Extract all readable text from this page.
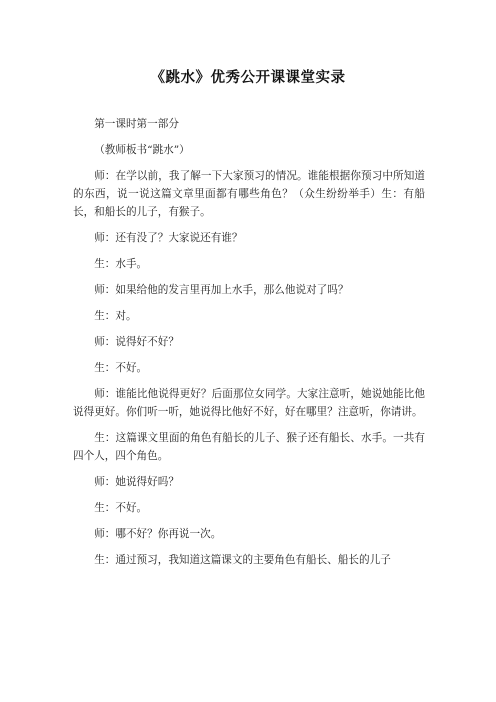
《跳水》优秀公开课课堂实录

第一课时第一部分

（教师板书“跳水”）

师：在学以前，我了解一下大家预习的情况。谁能根据你预习中所知道的东西，说一说这篇文章里面都有哪些角色？（众生纷纷举手）生：有船长，和船长的儿子，有猴子。

师：还有没了？大家说还有谁？

生：水手。

师：如果给他的发言里再加上水手，那么他说对了吗？

生：对。

师：说得好不好？

生：不好。

师：谁能比他说得更好？后面那位女同学。大家注意听，她说她能比他说得更好。你们听一听，她说得比他好不好，好在哪里？注意听，你请讲。

生：这篇课文里面的角色有船长的儿子、猴子还有船长、水手。一共有四个人，四个角色。

师：她说得好吗？

生：不好。

师：哪不好？你再说一次。

生：通过预习，我知道这篇课文的主要角色有船长、船长的儿子
